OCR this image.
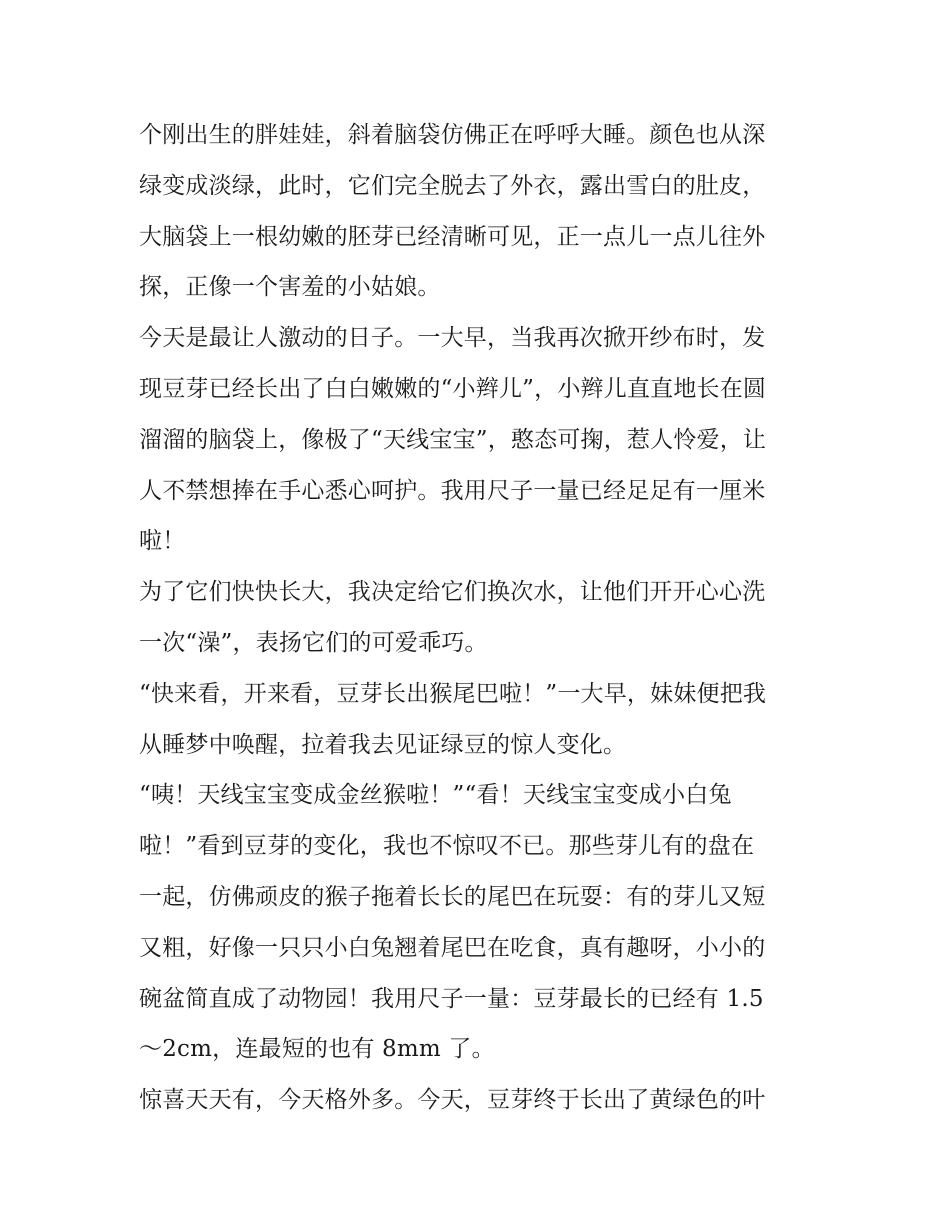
个刚出生的胖娃娃，斜着脑袋仿佛正在呼呼大睡。颜色也从深
绿变成淡绿，此时，它们完全脱去了外衣，露出雪白的肚皮，
大脑袋上一根幼嫩的胚芽已经清晰可见，正一点儿一点儿往外
探，正像一个害羞的小姑娘。
今天是最让人激动的日子。一大早，当我再次掀开纱布时，发
现豆芽已经长出了白白嫩嫩的“小辫儿”，小辫儿直直地长在圆
溜溜的脑袋上，像极了“天线宝宝”，憨态可掬，惹人怜爱，让
人不禁想捧在手心悉心呵护。我用尺子一量已经足足有一厘米
啦！
为了它们快快长大，我决定给它们换次水，让他们开开心心洗
一次“澡”，表扬它们的可爱乖巧。
“快来看，开来看，豆芽长出猴尾巴啦！”一大早，妹妹便把我
从睡梦中唤醒，拉着我去见证绿豆的惊人变化。
“咦！天线宝宝变成金丝猴啦！”“看！天线宝宝变成小白兔
啦！”看到豆芽的变化，我也不惊叹不已。那些芽儿有的盘在
一起，仿佛顽皮的猴子拖着长长的尾巴在玩耍：有的芽儿又短
又粗，好像一只只小白兔翘着尾巴在吃食，真有趣呀，小小的
碗盆简直成了动物园！我用尺子一量：豆芽最长的已经有 1.5
～2cm，连最短的也有 8mm 了。
惊喜天天有，今天格外多。今天，豆芽终于长出了黄绿色的叶
